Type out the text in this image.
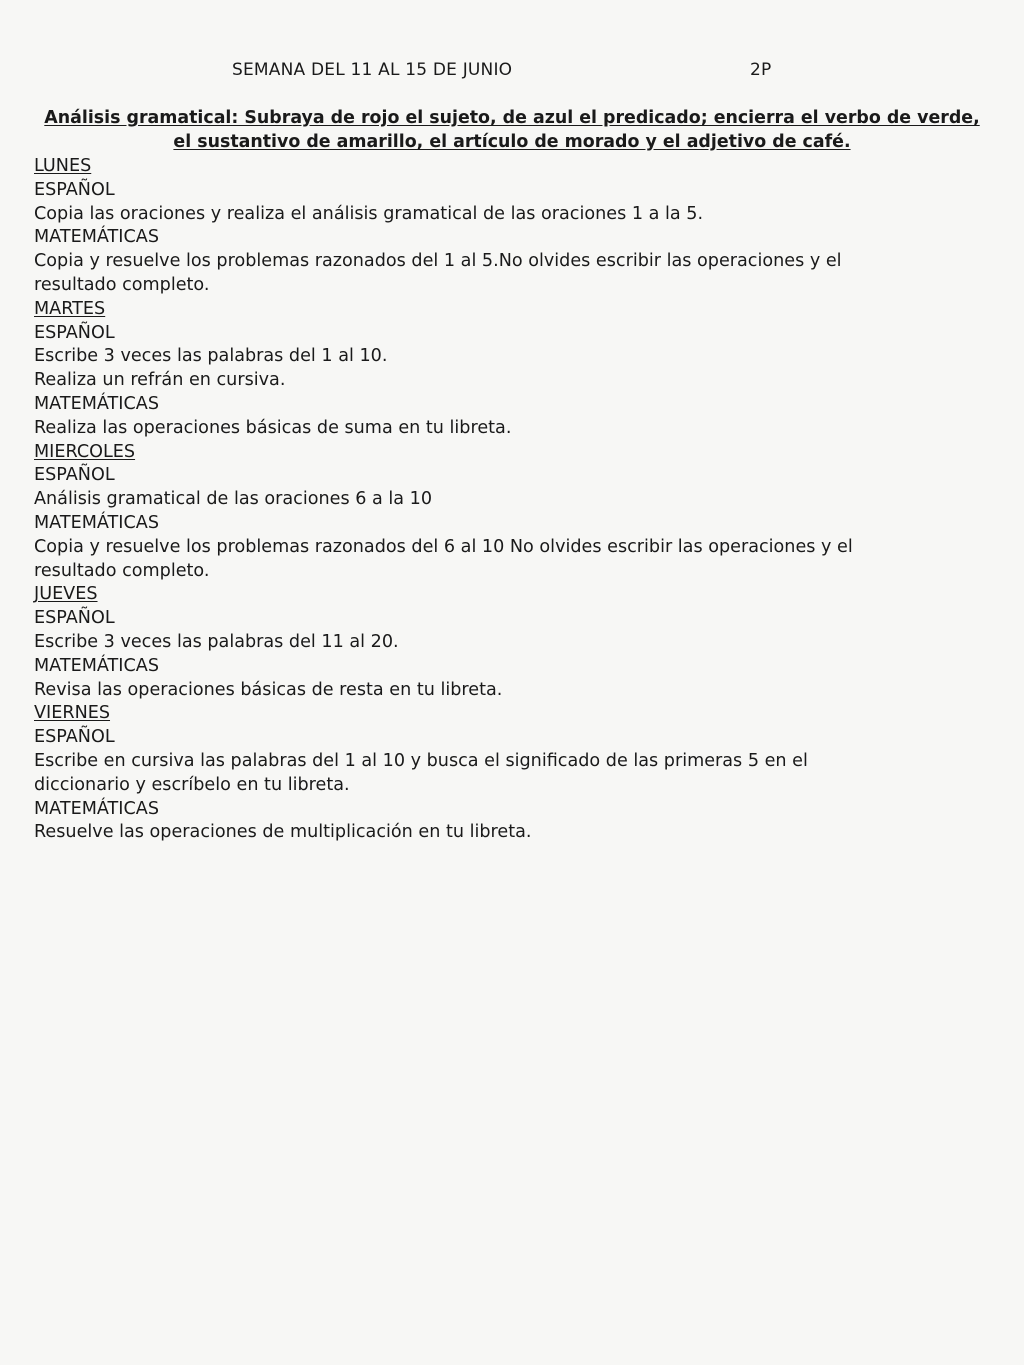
SEMANA DEL 11 AL 15 DE JUNIO	2P
Análisis gramatical: Subraya de rojo el sujeto, de azul el predicado; encierra el verbo de verde,
el sustantivo de amarillo, el artículo de morado y el adjetivo de café.
LUNES
ESPAÑOL
Copia las oraciones y realiza el análisis gramatical de las oraciones 1 a la 5.
MATEMÁTICAS
Copia y resuelve los problemas razonados del 1 al 5.No olvides escribir las operaciones y el
resultado completo.
MARTES
ESPAÑOL
Escribe 3 veces las palabras del 1 al 10.
Realiza un refrán en cursiva.
MATEMÁTICAS
Realiza las operaciones básicas de suma en tu libreta.
MIERCOLES
ESPAÑOL
Análisis gramatical de las oraciones 6 a la 10
MATEMÁTICAS
Copia y resuelve los problemas razonados del 6 al 10 No olvides escribir las operaciones y el
resultado completo.
JUEVES
ESPAÑOL
Escribe 3 veces las palabras del 11 al 20.
MATEMÁTICAS
Revisa las operaciones básicas de resta en tu libreta.
VIERNES
ESPAÑOL
Escribe en cursiva las palabras del 1 al 10 y busca el significado de las primeras 5 en el
diccionario y escríbelo en tu libreta.
MATEMÁTICAS
Resuelve las operaciones de multiplicación en tu libreta.
